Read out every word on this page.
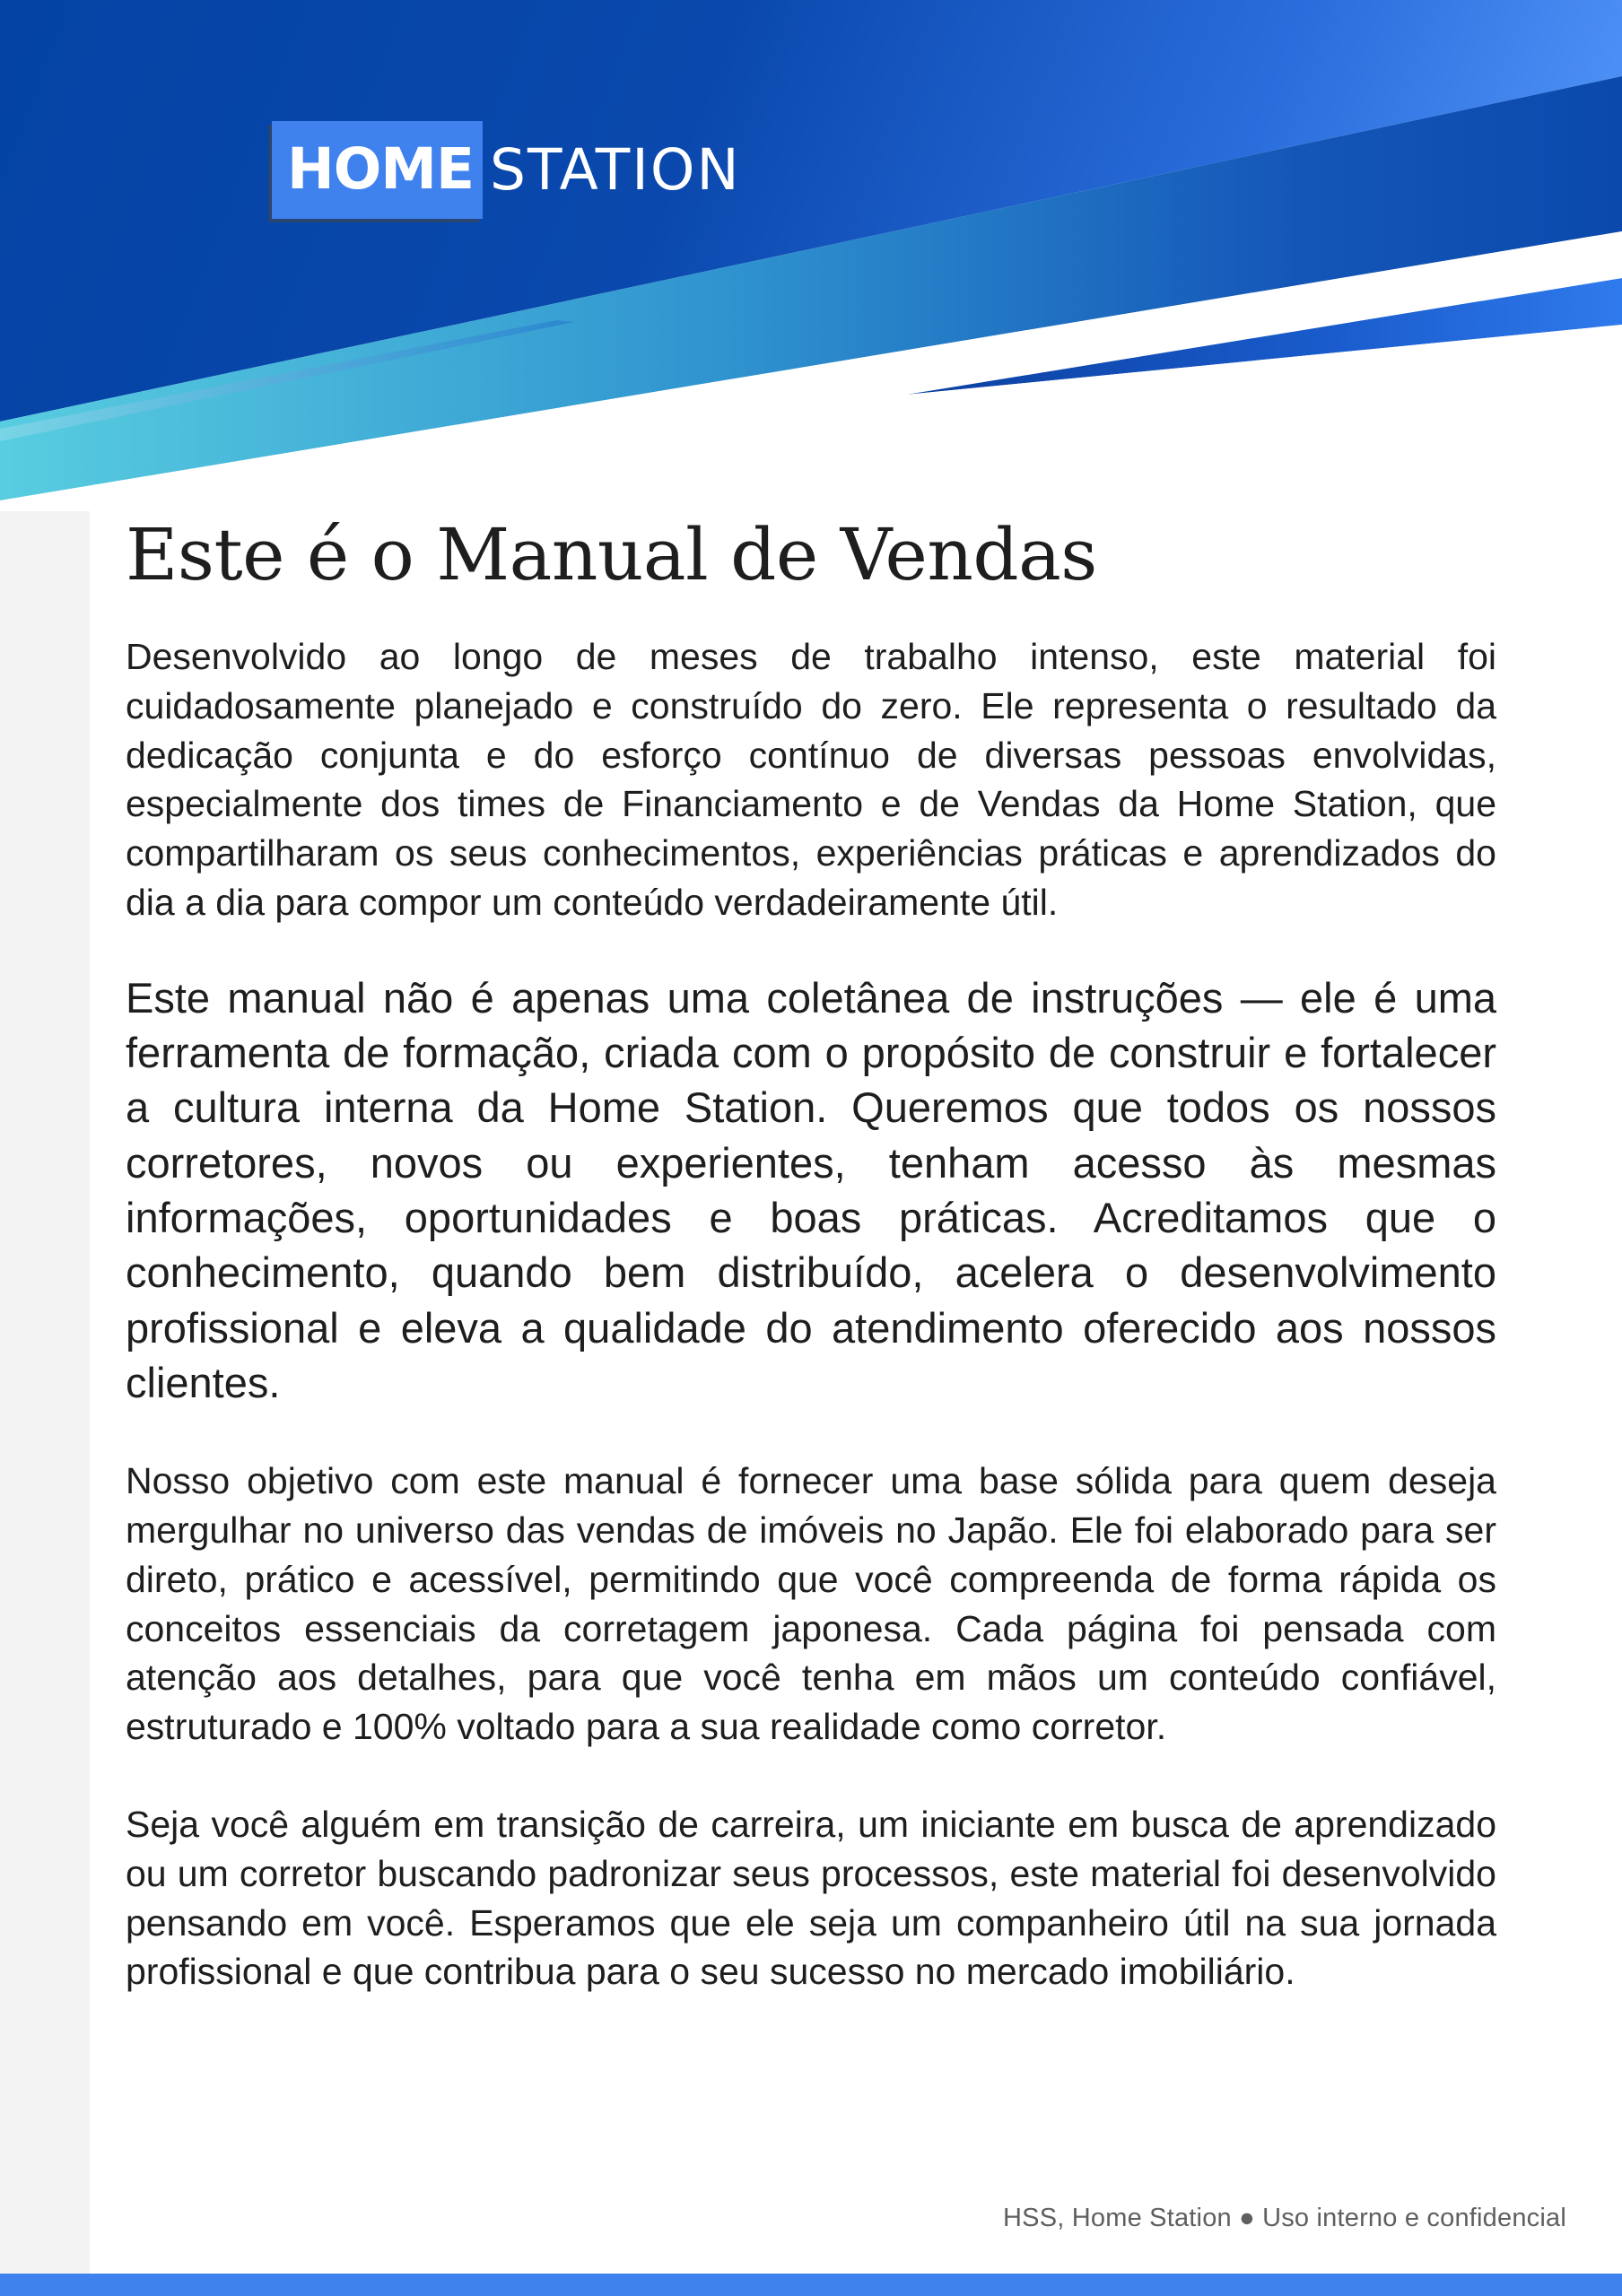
HOME STATION
Este é o Manual de Vendas

Desenvolvido ao longo de meses de trabalho intenso, este material foi cuidadosamente planejado e construído do zero. Ele representa o resultado da dedicação conjunta e do esforço contínuo de diversas pessoas envolvidas, especialmente dos times de Financiamento e de Vendas da Home Station, que compartilharam os seus conhecimentos, experiências práticas e aprendizados do dia a dia para compor um conteúdo verdadeiramente útil.

Este manual não é apenas uma coletânea de instruções — ele é uma ferramenta de formação, criada com o propósito de construir e fortalecer a cultura interna da Home Station. Queremos que todos os nossos corretores, novos ou experientes, tenham acesso às mesmas informações, oportunidades e boas práticas. Acreditamos que o conhecimento, quando bem distribuído, acelera o desenvolvimento profissional e eleva a qualidade do atendimento oferecido aos nossos clientes.

Nosso objetivo com este manual é fornecer uma base sólida para quem deseja mergulhar no universo das vendas de imóveis no Japão. Ele foi elaborado para ser direto, prático e acessível, permitindo que você compreenda de forma rápida os conceitos essenciais da corretagem japonesa. Cada página foi pensada com atenção aos detalhes, para que você tenha em mãos um conteúdo confiável, estruturado e 100% voltado para a sua realidade como corretor.

Seja você alguém em transição de carreira, um iniciante em busca de aprendizado ou um corretor buscando padronizar seus processos, este material foi desenvolvido pensando em você. Esperamos que ele seja um companheiro útil na sua jornada profissional e que contribua para o seu sucesso no mercado imobiliário.

HSS, Home Station ● Uso interno e confidencial
